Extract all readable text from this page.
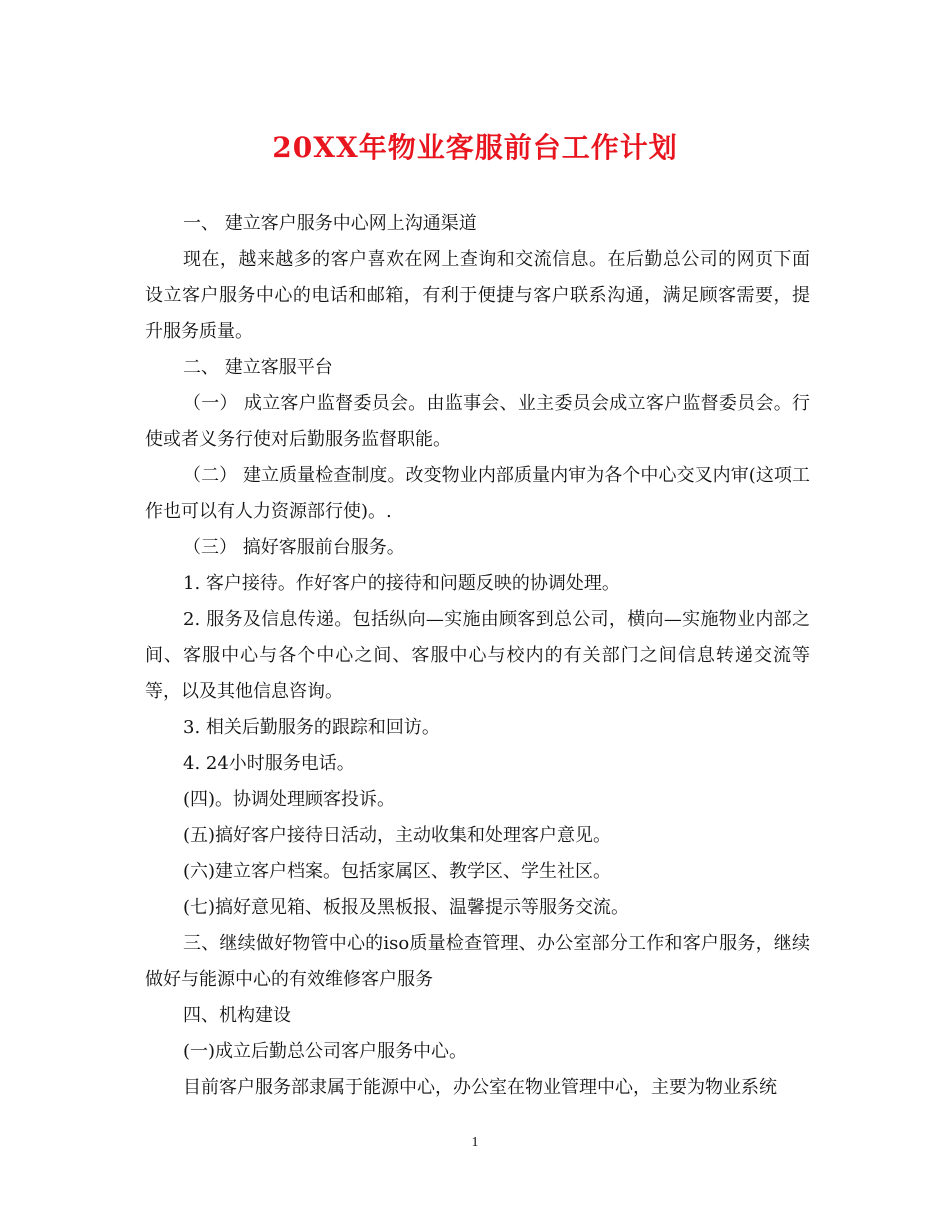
20XX年物业客服前台工作计划

一、 建立客户服务中心网上沟通渠道

现在，越来越多的客户喜欢在网上查询和交流信息。在后勤总公司的网页下面设立客户服务中心的电话和邮箱，有利于便捷与客户联系沟通，满足顾客需要，提升服务质量。

二、 建立客服平台

（一） 成立客户监督委员会。由监事会、业主委员会成立客户监督委员会。行使或者义务行使对后勤服务监督职能。

（二） 建立质量检查制度。改变物业内部质量内审为各个中心交叉内审(这项工作也可以有人力资源部行使)。.

（三） 搞好客服前台服务。

1. 客户接待。作好客户的接待和问题反映的协调处理。

2. 服务及信息传递。包括纵向—实施由顾客到总公司，横向—实施物业内部之间、客服中心与各个中心之间、客服中心与校内的有关部门之间信息转递交流等等，以及其他信息咨询。

3. 相关后勤服务的跟踪和回访。

4. 24小时服务电话。

(四)。协调处理顾客投诉。

(五)搞好客户接待日活动，主动收集和处理客户意见。

(六)建立客户档案。包括家属区、教学区、学生社区。

(七)搞好意见箱、板报及黑板报、温馨提示等服务交流。

三、继续做好物管中心的iso质量检查管理、办公室部分工作和客户服务，继续做好与能源中心的有效维修客户服务

四、机构建设

(一)成立后勤总公司客户服务中心。

目前客户服务部隶属于能源中心，办公室在物业管理中心，主要为物业系统

1
